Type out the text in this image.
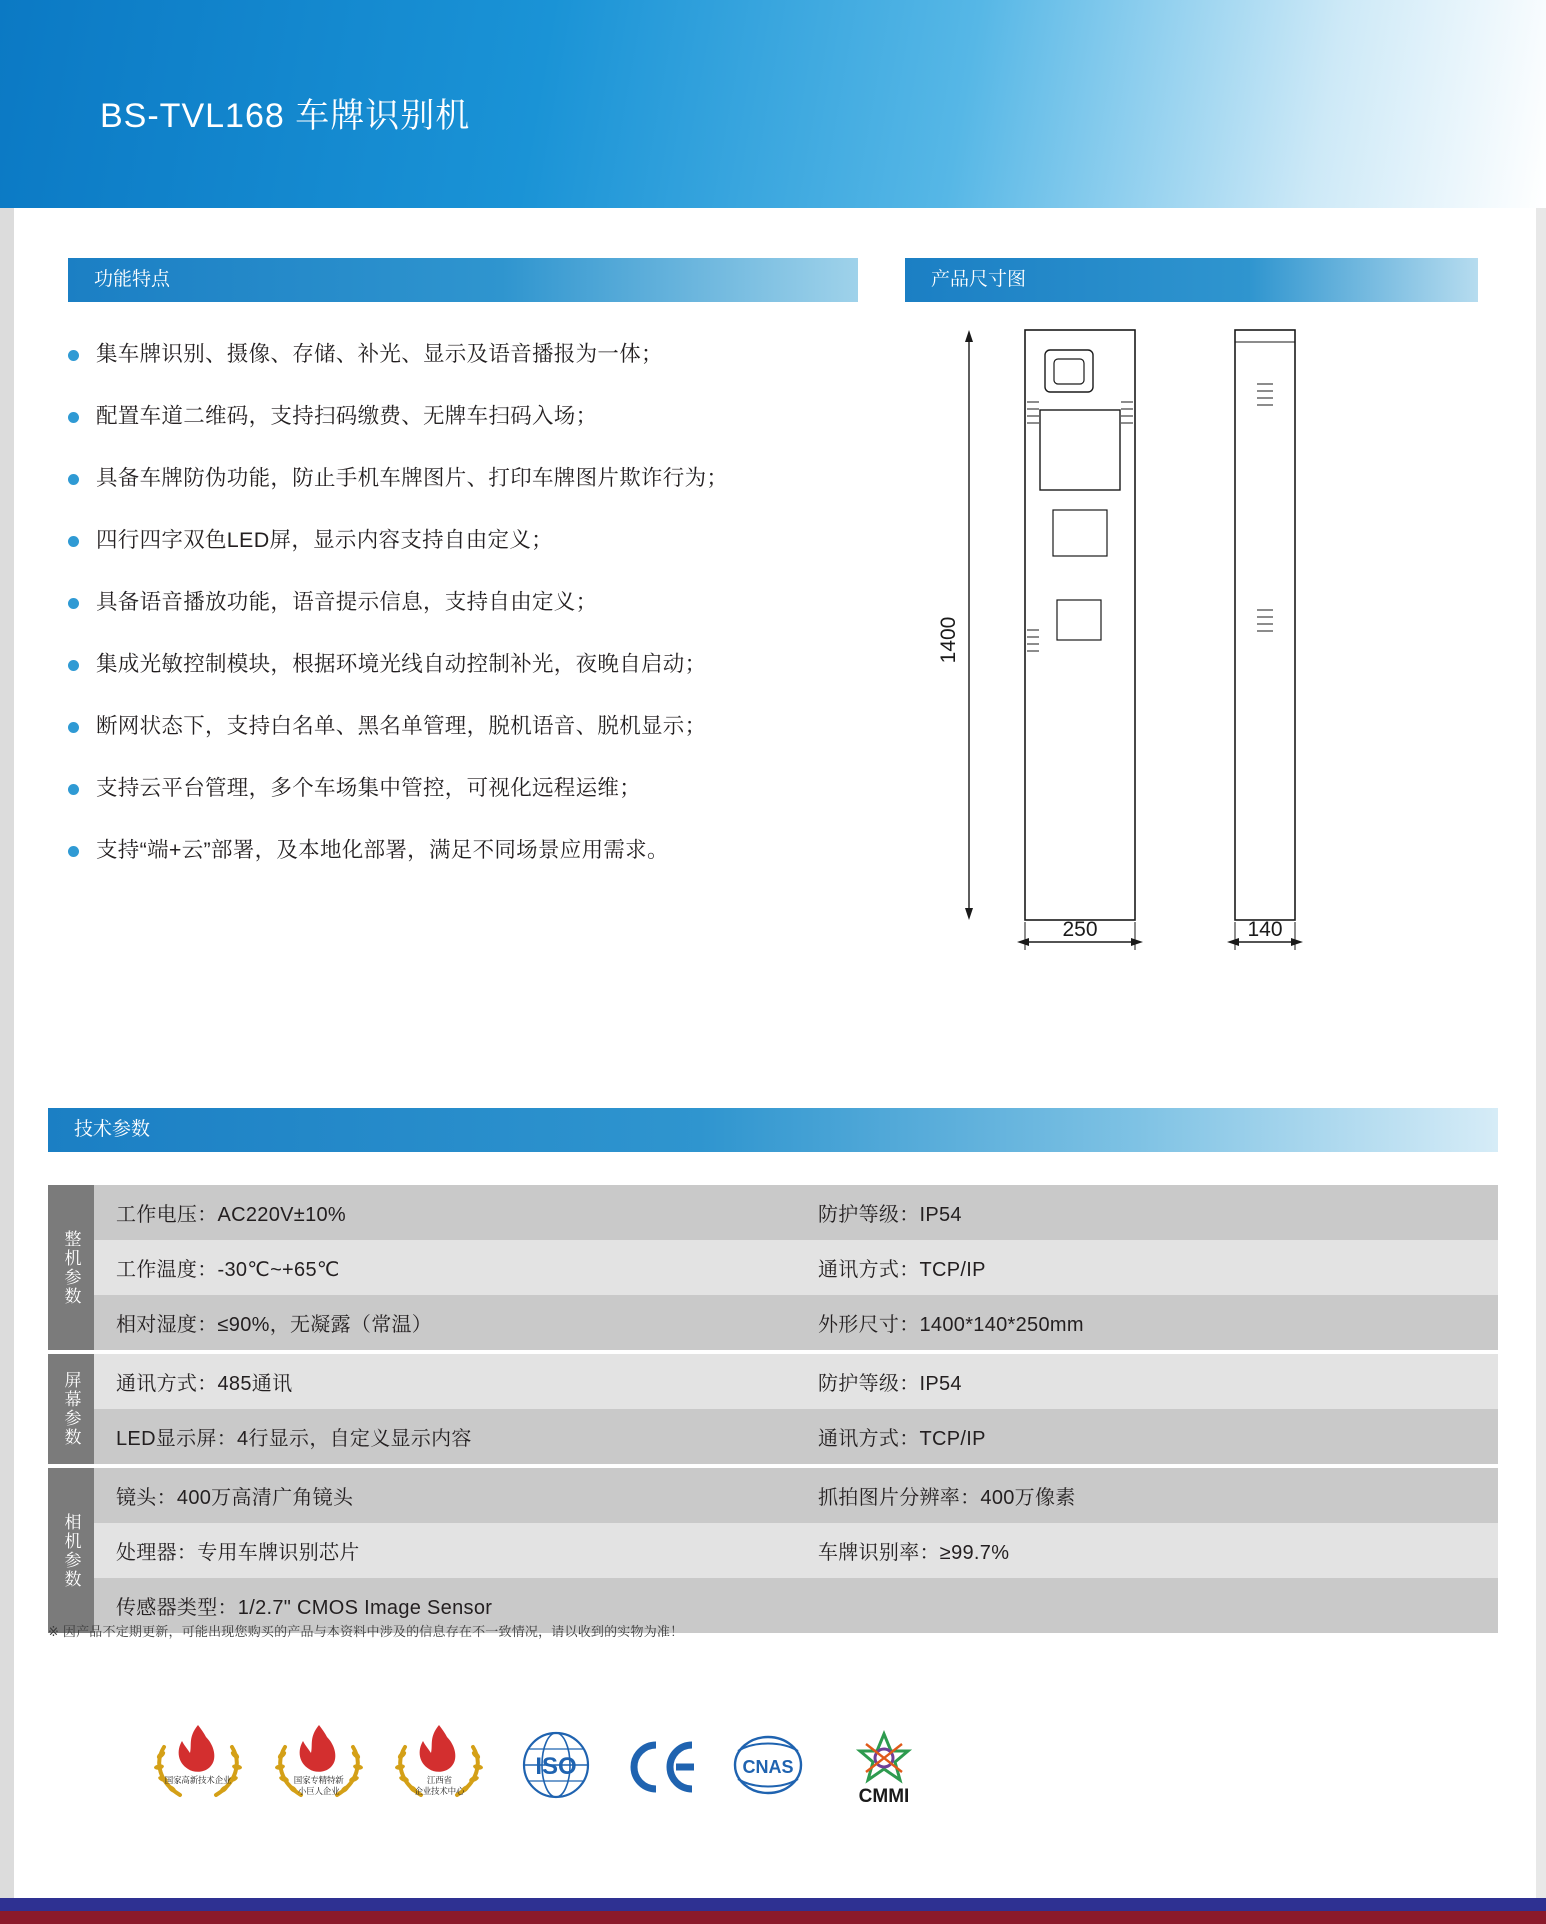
BS-TVL168 车牌识别机
功能特点	产品尺寸图
集车牌识别、摄像、存储、补光、显示及语音播报为一体；
配置车道二维码，支持扫码缴费、无牌车扫码入场；
具备车牌防伪功能，防止手机车牌图片、打印车牌图片欺诈行为；
四行四字双色LED屏，显示内容支持自由定义；
具备语音播放功能，语音提示信息，支持自由定义；
集成光敏控制模块，根据环境光线自动控制补光，夜晚自启动；
断网状态下，支持白名单、黑名单管理，脱机语音、脱机显示；
支持云平台管理，多个车场集中管控，可视化远程运维；
支持“端+云”部署，及本地化部署，满足不同场景应用需求。
1400
250	140
技术参数
整机参数
工作电压：AC220V±10%	防护等级：IP54
工作温度：-30℃~+65℃	通讯方式：TCP/IP
相对湿度：≤90%，无凝露（常温）	外形尺寸：1400*140*250mm
屏幕参数	通讯方式：485通讯	防护等级：IP54
LED显示屏：4行显示，自定义显示内容	通讯方式：TCP/IP
相机参数
镜头：400万高清广角镜头	抓拍图片分辨率：400万像素
处理器：专用车牌识别芯片	车牌识别率：≥99.7%
传感器类型：1/2.7" CMOS Image Sensor
※ 因产品不定期更新，可能出现您购买的产品与本资料中涉及的信息存在不一致情况，请以收到的实物为准！
国家高新技术企业	国家专精特新
小巨人企业
江西省
企业技术中心
ISO	CNAS
CMMI
